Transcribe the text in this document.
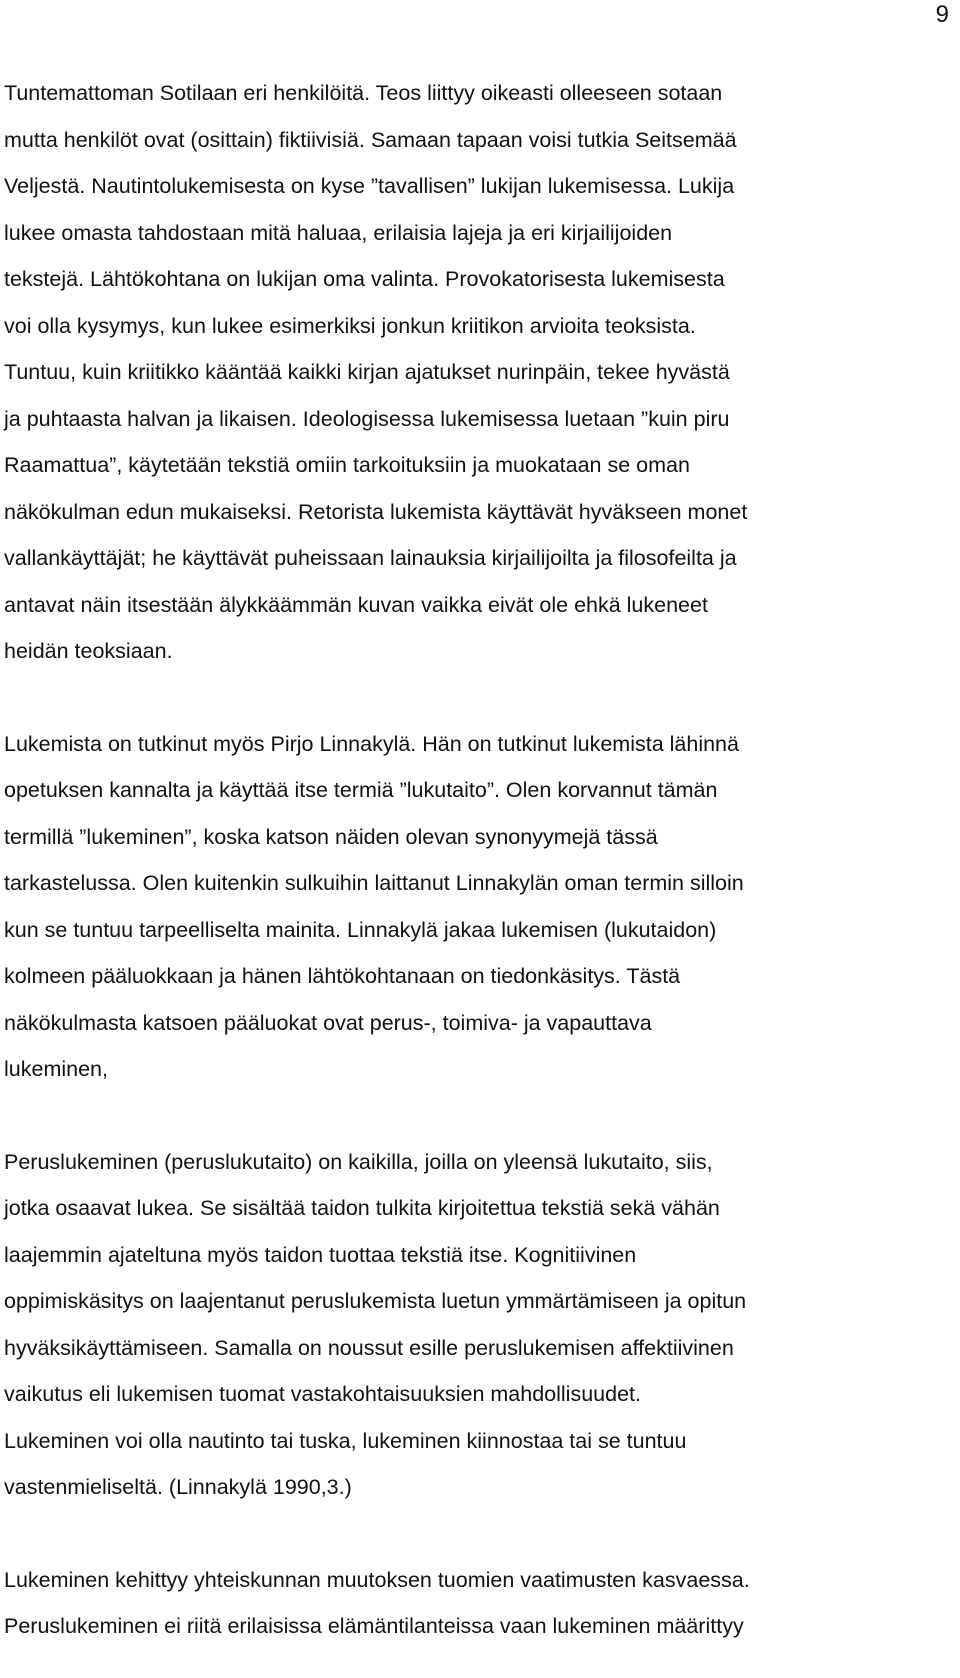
9

Tuntemattoman Sotilaan eri henkilöitä. Teos liittyy oikeasti olleeseen sotaan
mutta henkilöt ovat (osittain) fiktiivisiä. Samaan tapaan voisi tutkia Seitsemää
Veljestä. Nautintolukemisesta on kyse ”tavallisen” lukijan lukemisessa. Lukija
lukee omasta tahdostaan mitä haluaa, erilaisia lajeja ja eri kirjailijoiden
tekstejä. Lähtökohtana on lukijan oma valinta. Provokatorisesta lukemisesta
voi olla kysymys, kun lukee esimerkiksi jonkun kriitikon arvioita teoksista.
Tuntuu, kuin kriitikko kääntää kaikki kirjan ajatukset nurinpäin, tekee hyvästä
ja puhtaasta halvan ja likaisen. Ideologisessa lukemisessa luetaan ”kuin piru
Raamattua”, käytetään tekstiä omiin tarkoituksiin ja muokataan se oman
näkökulman edun mukaiseksi. Retorista lukemista käyttävät hyväkseen monet
vallankäyttäjät; he käyttävät puheissaan lainauksia kirjailijoilta ja filosofeilta ja
antavat näin itsestään älykkäämmän kuvan vaikka eivät ole ehkä lukeneet
heidän teoksiaan.

Lukemista on tutkinut myös Pirjo Linnakylä. Hän on tutkinut lukemista lähinnä
opetuksen kannalta ja käyttää itse termiä ”lukutaito”. Olen korvannut tämän
termillä ”lukeminen”, koska katson näiden olevan synonyymejä tässä
tarkastelussa. Olen kuitenkin sulkuihin laittanut Linnakylän oman termin silloin
kun se tuntuu tarpeelliselta mainita. Linnakylä jakaa lukemisen (lukutaidon)
kolmeen pääluokkaan ja hänen lähtökohtanaan on tiedonkäsitys. Tästä
näkökulmasta katsoen pääluokat ovat perus-, toimiva- ja vapauttava
lukeminen,

Peruslukeminen (peruslukutaito) on kaikilla, joilla on yleensä lukutaito, siis,
jotka osaavat lukea. Se sisältää taidon tulkita kirjoitettua tekstiä sekä vähän
laajemmin ajateltuna myös taidon tuottaa tekstiä itse. Kognitiivinen
oppimiskäsitys on laajentanut peruslukemista luetun ymmärtämiseen ja opitun
hyväksikäyttämiseen. Samalla on noussut esille peruslukemisen affektiivinen
vaikutus eli lukemisen tuomat vastakohtaisuuksien mahdollisuudet.
Lukeminen voi olla nautinto tai tuska, lukeminen kiinnostaa tai se tuntuu
vastenmieliseltä. (Linnakylä 1990,3.)

Lukeminen kehittyy yhteiskunnan muutoksen tuomien vaatimusten kasvaessa.
Peruslukeminen ei riitä erilaisissa elämäntilanteissa vaan lukeminen määrittyy
